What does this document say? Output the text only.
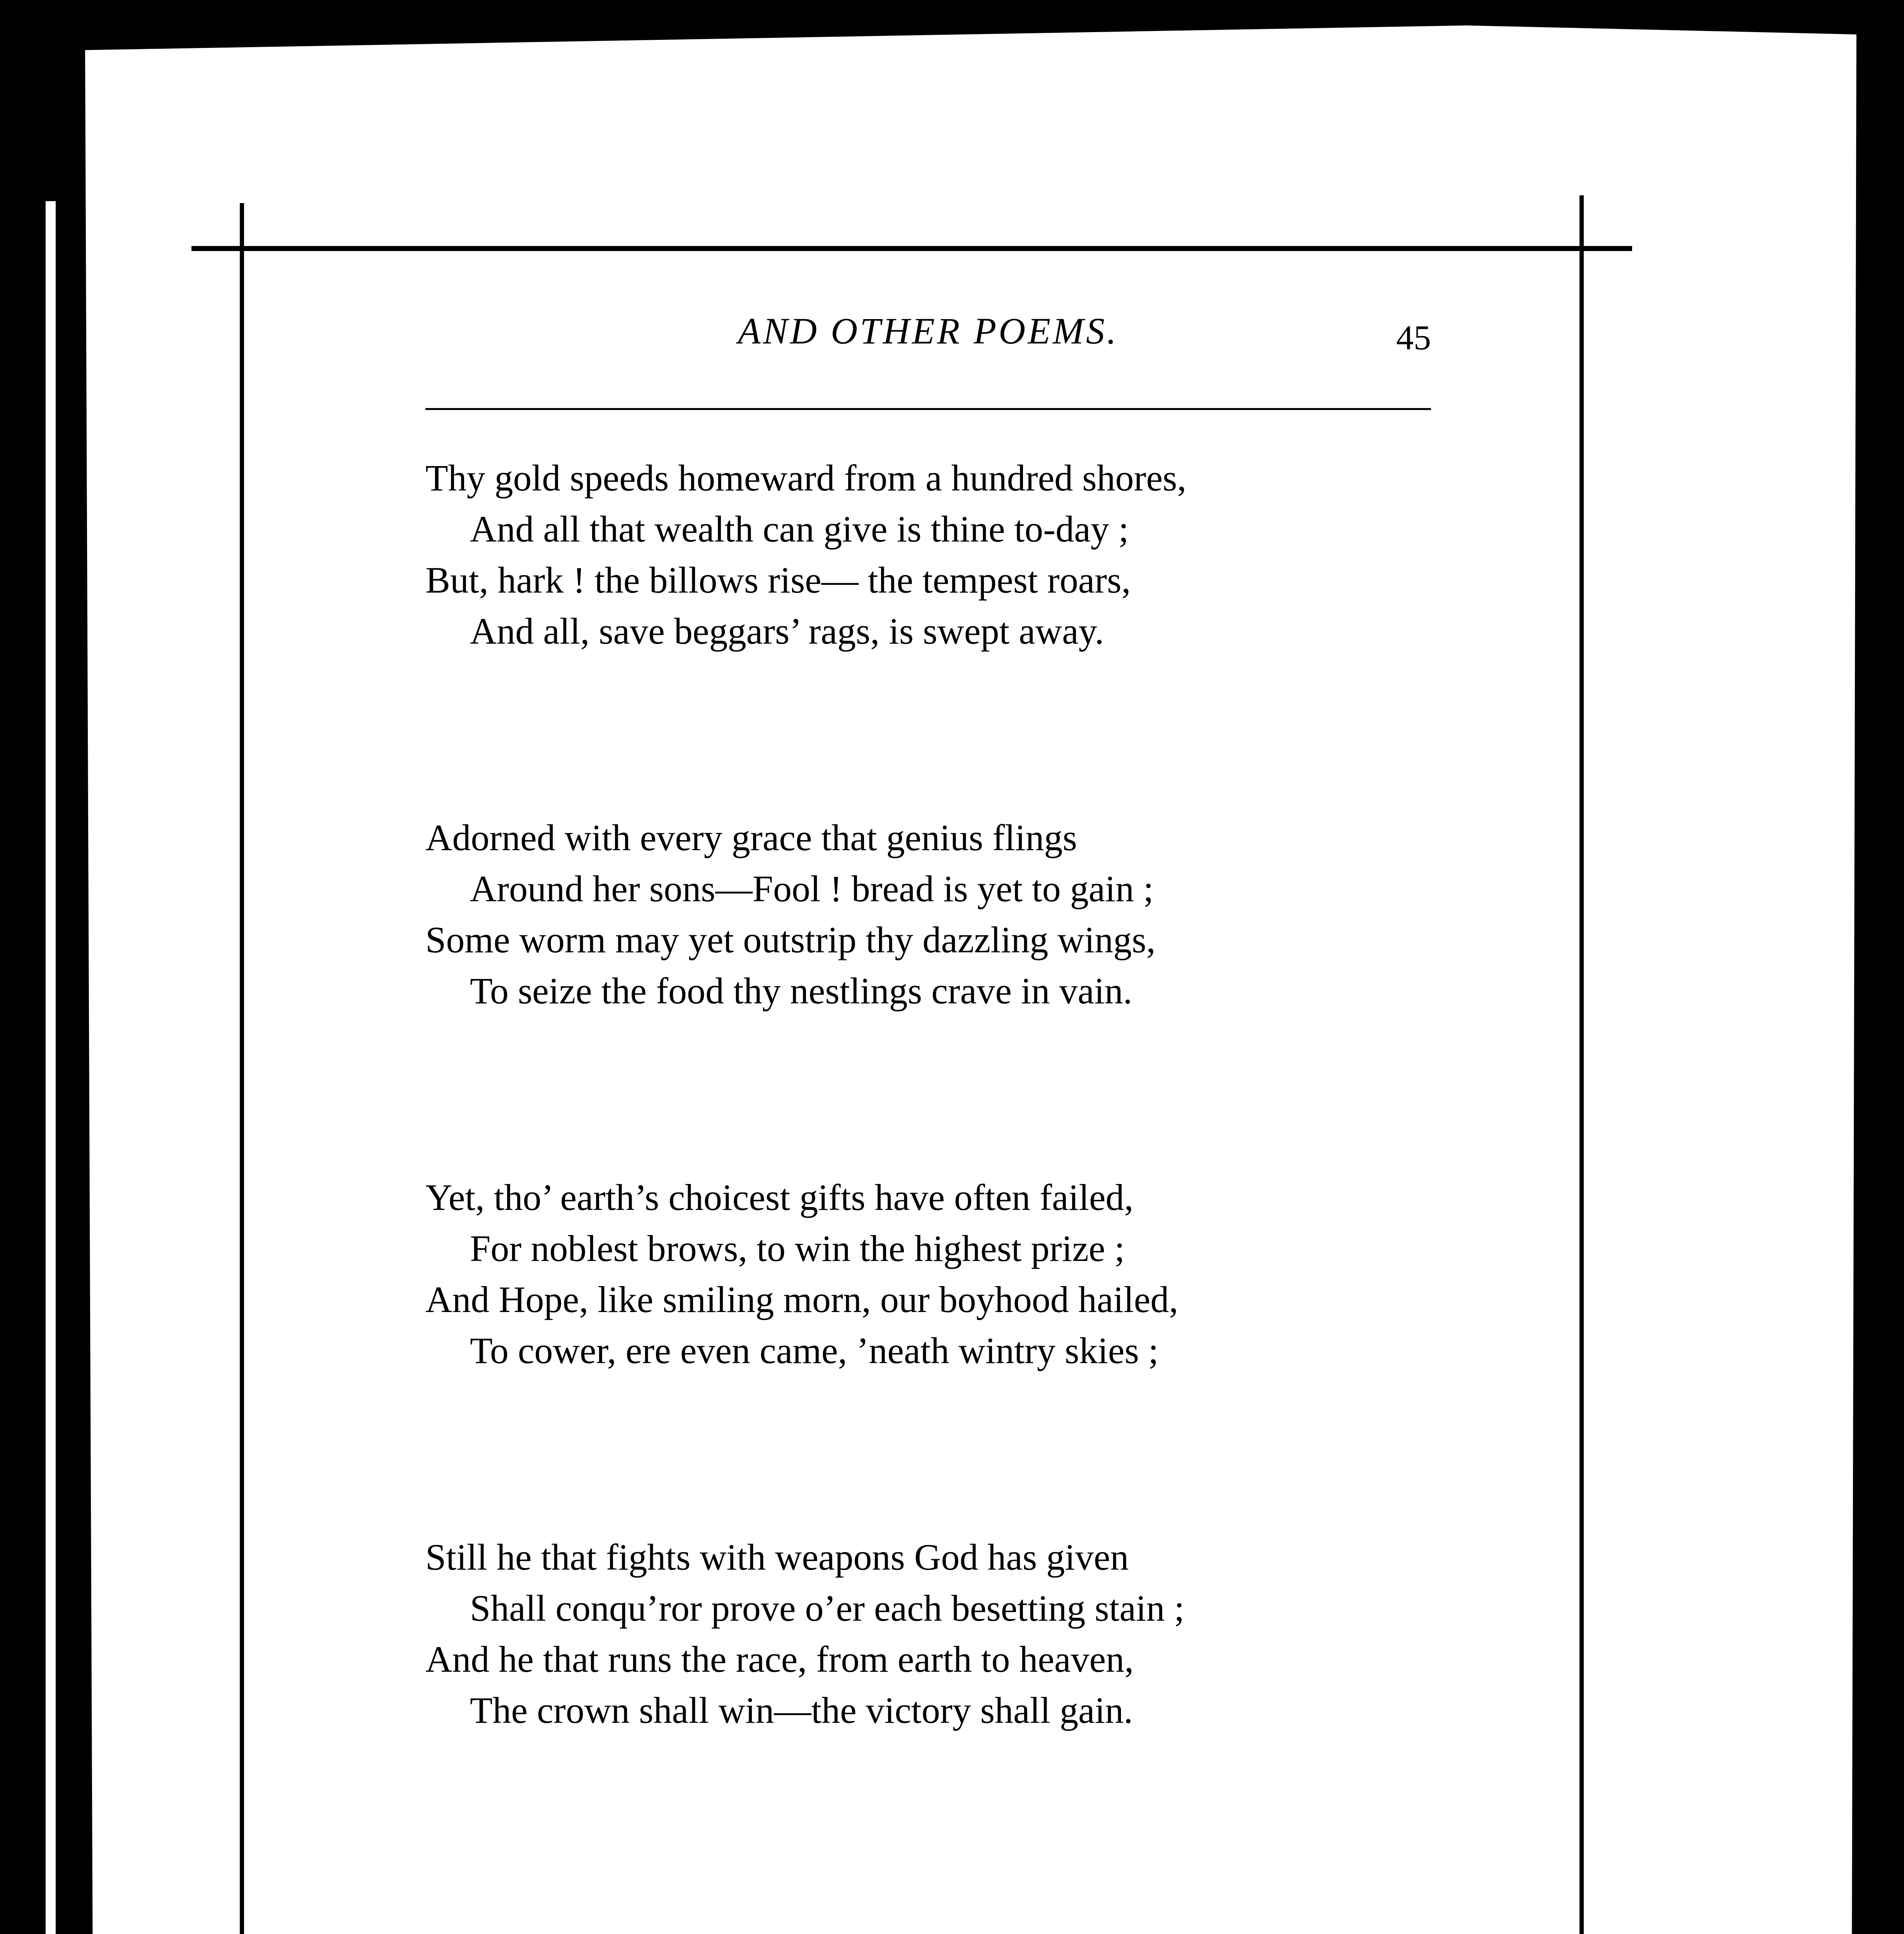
AND OTHER POEMS.	45
Thy gold speeds homeward from a hundred shores,
And all that wealth can give is thine to-day ;
But, hark ! the billows rise— the tempest roars,
And all, save beggars’ rags, is swept away.
Adorned with every grace that genius flings
Around her sons—Fool ! bread is yet to gain ;
Some worm may yet outstrip thy dazzling wings,
To seize the food thy nestlings crave in vain.
Yet, tho’ earth’s choicest gifts have often failed,
For noblest brows, to win the highest prize ;
And Hope, like smiling morn, our boyhood hailed,
To cower, ere even came, ’neath wintry skies ;
Still he that fights with weapons God has given
Shall conqu’ror prove o’er each besetting stain ;
And he that runs the race, from earth to heaven,
The crown shall win—the victory shall gain.
